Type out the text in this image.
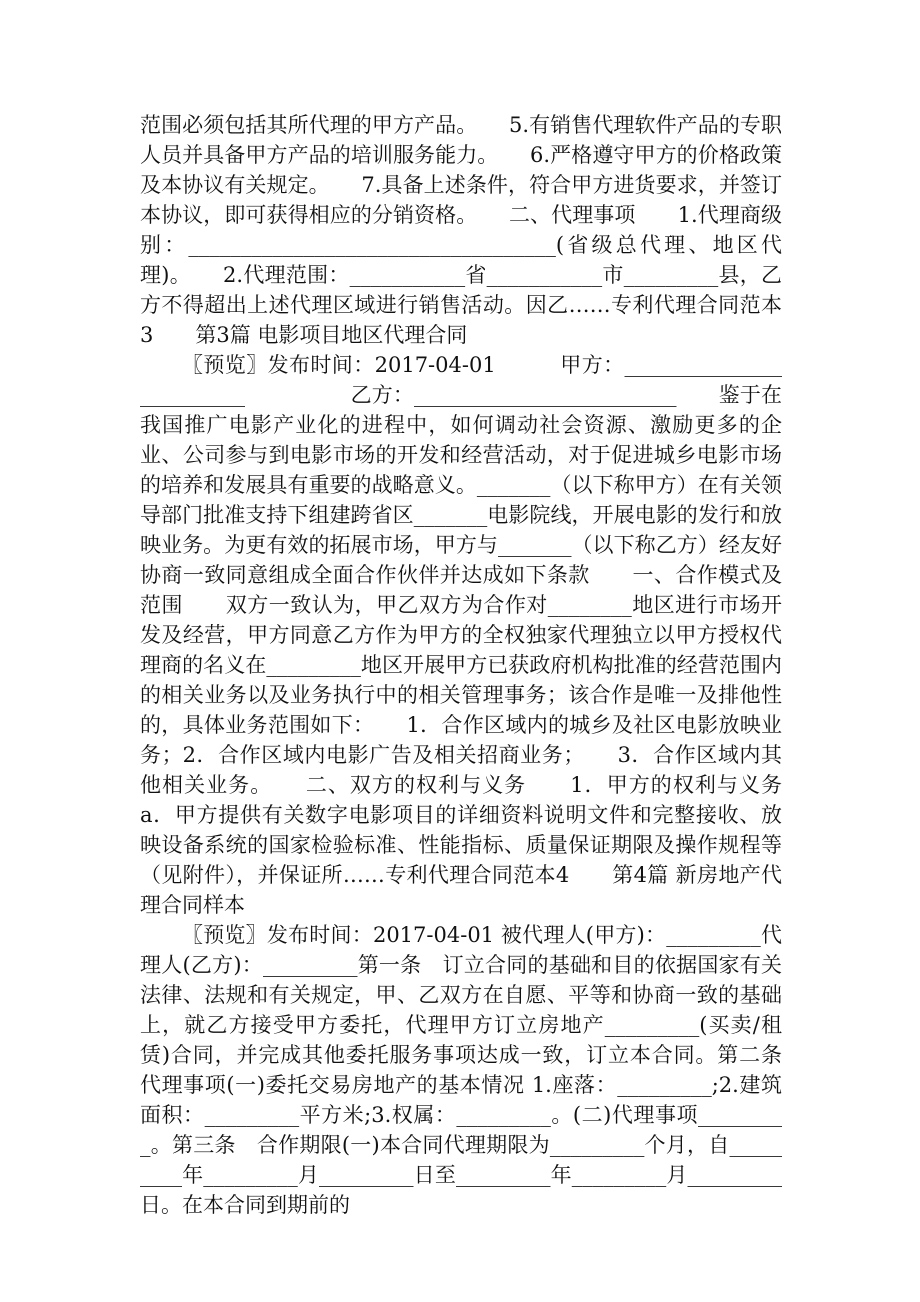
范围必须包括其所代理的甲方产品。　　5.有销售代理软件产品的专职人员并具备甲方产品的培训服务能力。　　6.严格遵守甲方的价格政策及本协议有关规定。　　7.具备上述条件，符合甲方进货要求，并签订本协议，即可获得相应的分销资格。　　二、代理事项　　1.代理商级别：___________________________________(省级总代理、地区代理)。　　2.代理范围：___________省___________市_________县，乙方不得超出上述代理区域进行销售活动。因乙……专利代理合同范本3　　第3篇 电影项目地区代理合同

〖预览〗发布时间：2017-04-01　　　甲方：_________________________　　　　　乙方：_________________________　　鉴于在我国推广电影产业化的进程中，如何调动社会资源、激励更多的企业、公司参与到电影市场的开发和经营活动，对于促进城乡电影市场的培养和发展具有重要的战略意义。_______（以下称甲方）在有关领导部门批准支持下组建跨省区_______电影院线，开展电影的发行和放映业务。为更有效的拓展市场，甲方与_______（以下称乙方）经友好协商一致同意组成全面合作伙伴并达成如下条款　　一、合作模式及范围　　双方一致认为，甲乙双方为合作对________地区进行市场开发及经营，甲方同意乙方作为甲方的全权独家代理独立以甲方授权代理商的名义在_________地区开展甲方已获政府机构批准的经营范围内的相关业务以及业务执行中的相关管理事务；该合作是唯一及排他性的，具体业务范围如下：　　1．合作区域内的城乡及社区电影放映业务；2．合作区域内电影广告及相关招商业务；　　3．合作区域内其他相关业务。　　二、双方的权利与义务　　1．甲方的权利与义务a．甲方提供有关数字电影项目的详细资料说明文件和完整接收、放映设备系统的国家检验标准、性能指标、质量保证期限及操作规程等（见附件），并保证所……专利代理合同范本4　　第4篇 新房地产代理合同样本

〖预览〗发布时间：2017-04-01 被代理人(甲方)：_________代理人(乙方)：_________第一条　订立合同的基础和目的依据国家有关法律、法规和有关规定，甲、乙双方在自愿、平等和协商一致的基础上，就乙方接受甲方委托，代理甲方订立房地产_________(买卖/租赁)合同，并完成其他委托服务事项达成一致，订立本合同。第二条　代理事项(一)委托交易房地产的基本情况 1.座落：_________;2.建筑面积：_________平方米;3.权属：_________。(二)代理事项_________。第三条　合作期限(一)本合同代理期限为_________个月，自_________年_________月_________日至_________年_________月_________日。在本合同到期前的
